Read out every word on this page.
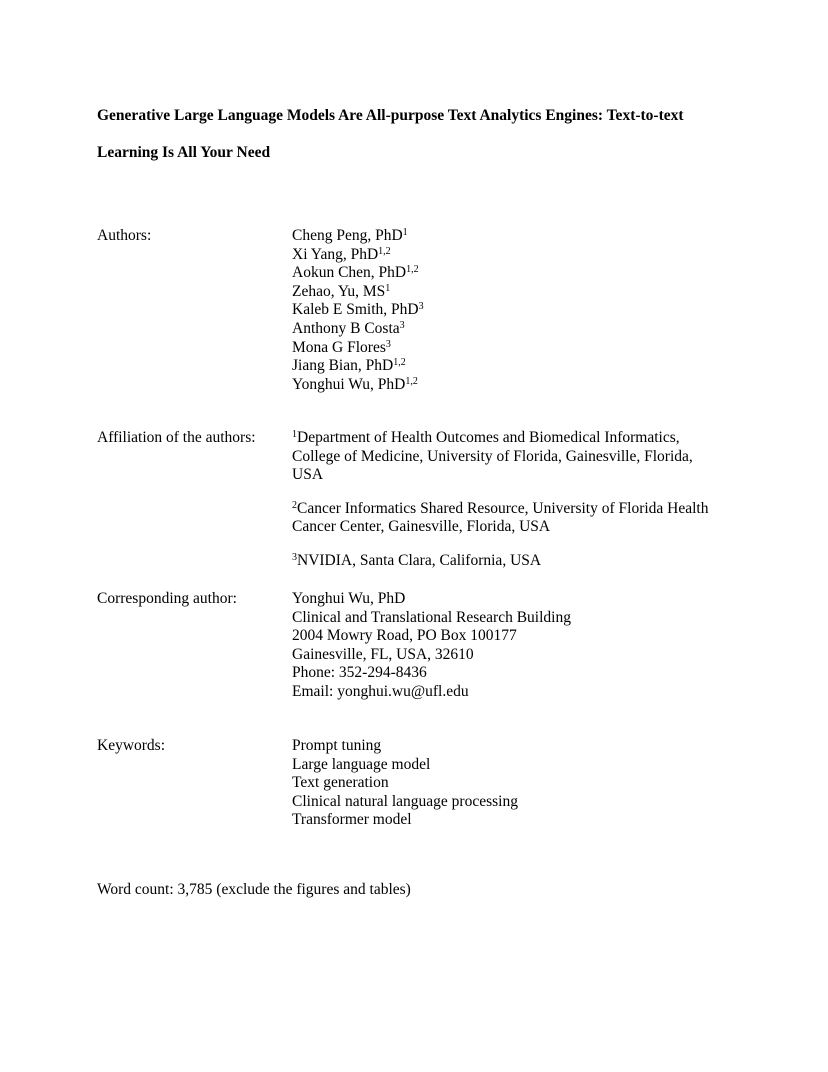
Generative Large Language Models Are All-purpose Text Analytics Engines: Text-to-text
Learning Is All Your Need
Authors:	Cheng Peng, PhD$^1$
Xi Yang, PhD$^{1,2}$
Aokun Chen, PhD$^{1,2}$
Zehao, Yu, $MS^1$
Kaleb E Smith, PhD$^3$
Anthony B Costa$^3$
Mona G Flores$^3$
Jiang Bian, PhD$^{1,2}$
Yonghui Wu, PhD$^{1,2}$
Affiliation of the authors:	$^1$Department of Health Outcomes and Biomedical Informatics,
College of Medicine, University of Florida, Gainesville, Florida,
USA
$^2$Cancer Informatics Shared Resource, University of Florida Health
Cancer Center, Gainesville, Florida, USA
$^3$NVIDIA, Santa Clara, California, USA
Corresponding author:	Yonghui Wu, PhD
Clinical and Translational Research Building
2004 Mowry Road, PO Box 100177
Gainesville, FL, USA, 32610
Phone: 352-294-8436
Email: yonghui.wu@ufl.edu
Keywords:	Prompt tuning
Large language model
Text generation
Clinical natural language processing
Transformer model
Word count: 3,785 (exclude the figures and tables)
